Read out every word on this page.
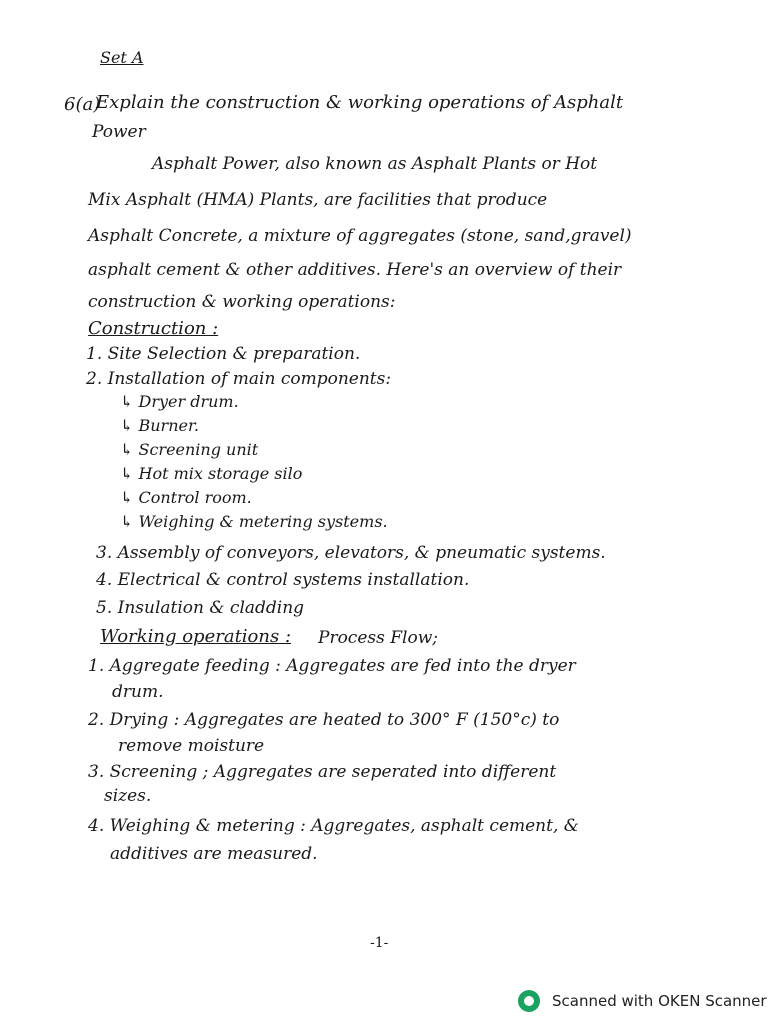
Set A
6(a)
Explain the construction & working operations of Asphalt
Power
Asphalt Power, also known as Asphalt Plants or Hot
Mix Asphalt (HMA) Plants, are facilities that produce
Asphalt Concrete, a mixture of aggregates (stone, sand,gravel)
asphalt cement & other additives. Here's an overview of their
construction & working operations:
Construction :
1. Site Selection & preparation.
2. Installation of main components:
↳ Dryer drum.
↳ Burner.
↳ Screening unit
↳ Hot mix storage silo
↳ Control room.
↳ Weighing & metering systems.
3. Assembly of conveyors, elevators, & pneumatic systems.
4. Electrical & control systems installation.
5. Insulation & cladding
Working operations : Process Flow;
1. Aggregate feeding : Aggregates are fed into the dryer
drum.
2. Drying : Aggregates are heated to 300° F (150°c) to
remove moisture
3. Screening ; Aggregates are seperated into different
sizes.
4. Weighing & metering : Aggregates, asphalt cement, &
additives are measured.
-1-
Scanned with OKEN Scanner
